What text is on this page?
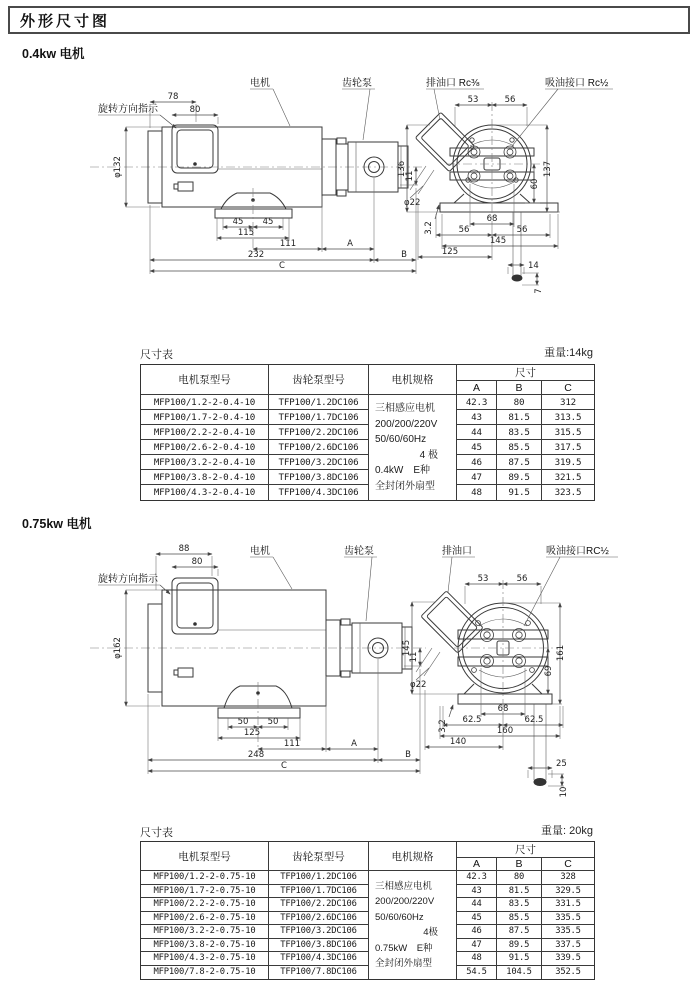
外形尺寸图
0.4kw 电机
78
80
φ132
45 45
115
111	A
232	B
C
11
53	56
136	137
60
φ22
3.2
68
56	56
145
125
14
7
旋转方向指示
电机	齿轮泵	排油口 Rc⅜	吸油接口 Rc½
尺寸表	重量:14kg
电机泵型号	齿轮泵型号	电机规格
尺寸
A	B	C
三相感应电机
200/200/220V
50/60/60Hz
4 极
0.4kW　E种
全封闭外扇型
MFP100/1.2-2-0.4-10	TFP100/1.2DC106	42.3	80	312
MFP100/1.7-2-0.4-10	TFP100/1.7DC106	43	81.5	313.5
MFP100/2.2-2-0.4-10	TFP100/2.2DC106	44	83.5	315.5
MFP100/2.6-2-0.4-10	TFP100/2.6DC106	45	85.5	317.5
MFP100/3.2-2-0.4-10	TFP100/3.2DC106	46	87.5	319.5
MFP100/3.8-2-0.4-10	TFP100/3.8DC106	47	89.5	321.5
MFP100/4.3-2-0.4-10	TFP100/4.3DC106	48	91.5	323.5
0.75kw 电机
88
80
φ162
50 50
125
111	A
248	B
C
11
53	56
145	161
69
φ22
3.2
68
62.5	62.5
160
140
25
10
旋转方向指示
电机	齿轮泵	排油口	吸油接口RC½
尺寸表	重量: 20kg
电机泵型号	齿轮泵型号	电机规格
尺寸
A	B	C
三相感应电机
200/200/220V
50/60/60Hz
4极
0.75kW　E种
全封闭外扇型
MFP100/1.2-2-0.75-10	TFP100/1.2DC106	42.3	80	328
MFP100/1.7-2-0.75-10	TFP100/1.7DC106	43	81.5	329.5
MFP100/2.2-2-0.75-10	TFP100/2.2DC106	44	83.5	331.5
MFP100/2.6-2-0.75-10	TFP100/2.6DC106	45	85.5	335.5
MFP100/3.2-2-0.75-10	TFP100/3.2DC106	46	87.5	335.5
MFP100/3.8-2-0.75-10	TFP100/3.8DC106	47	89.5	337.5
MFP100/4.3-2-0.75-10	TFP100/4.3DC106	48	91.5	339.5
MFP100/7.8-2-0.75-10	TFP100/7.8DC106	54.5	104.5	352.5
